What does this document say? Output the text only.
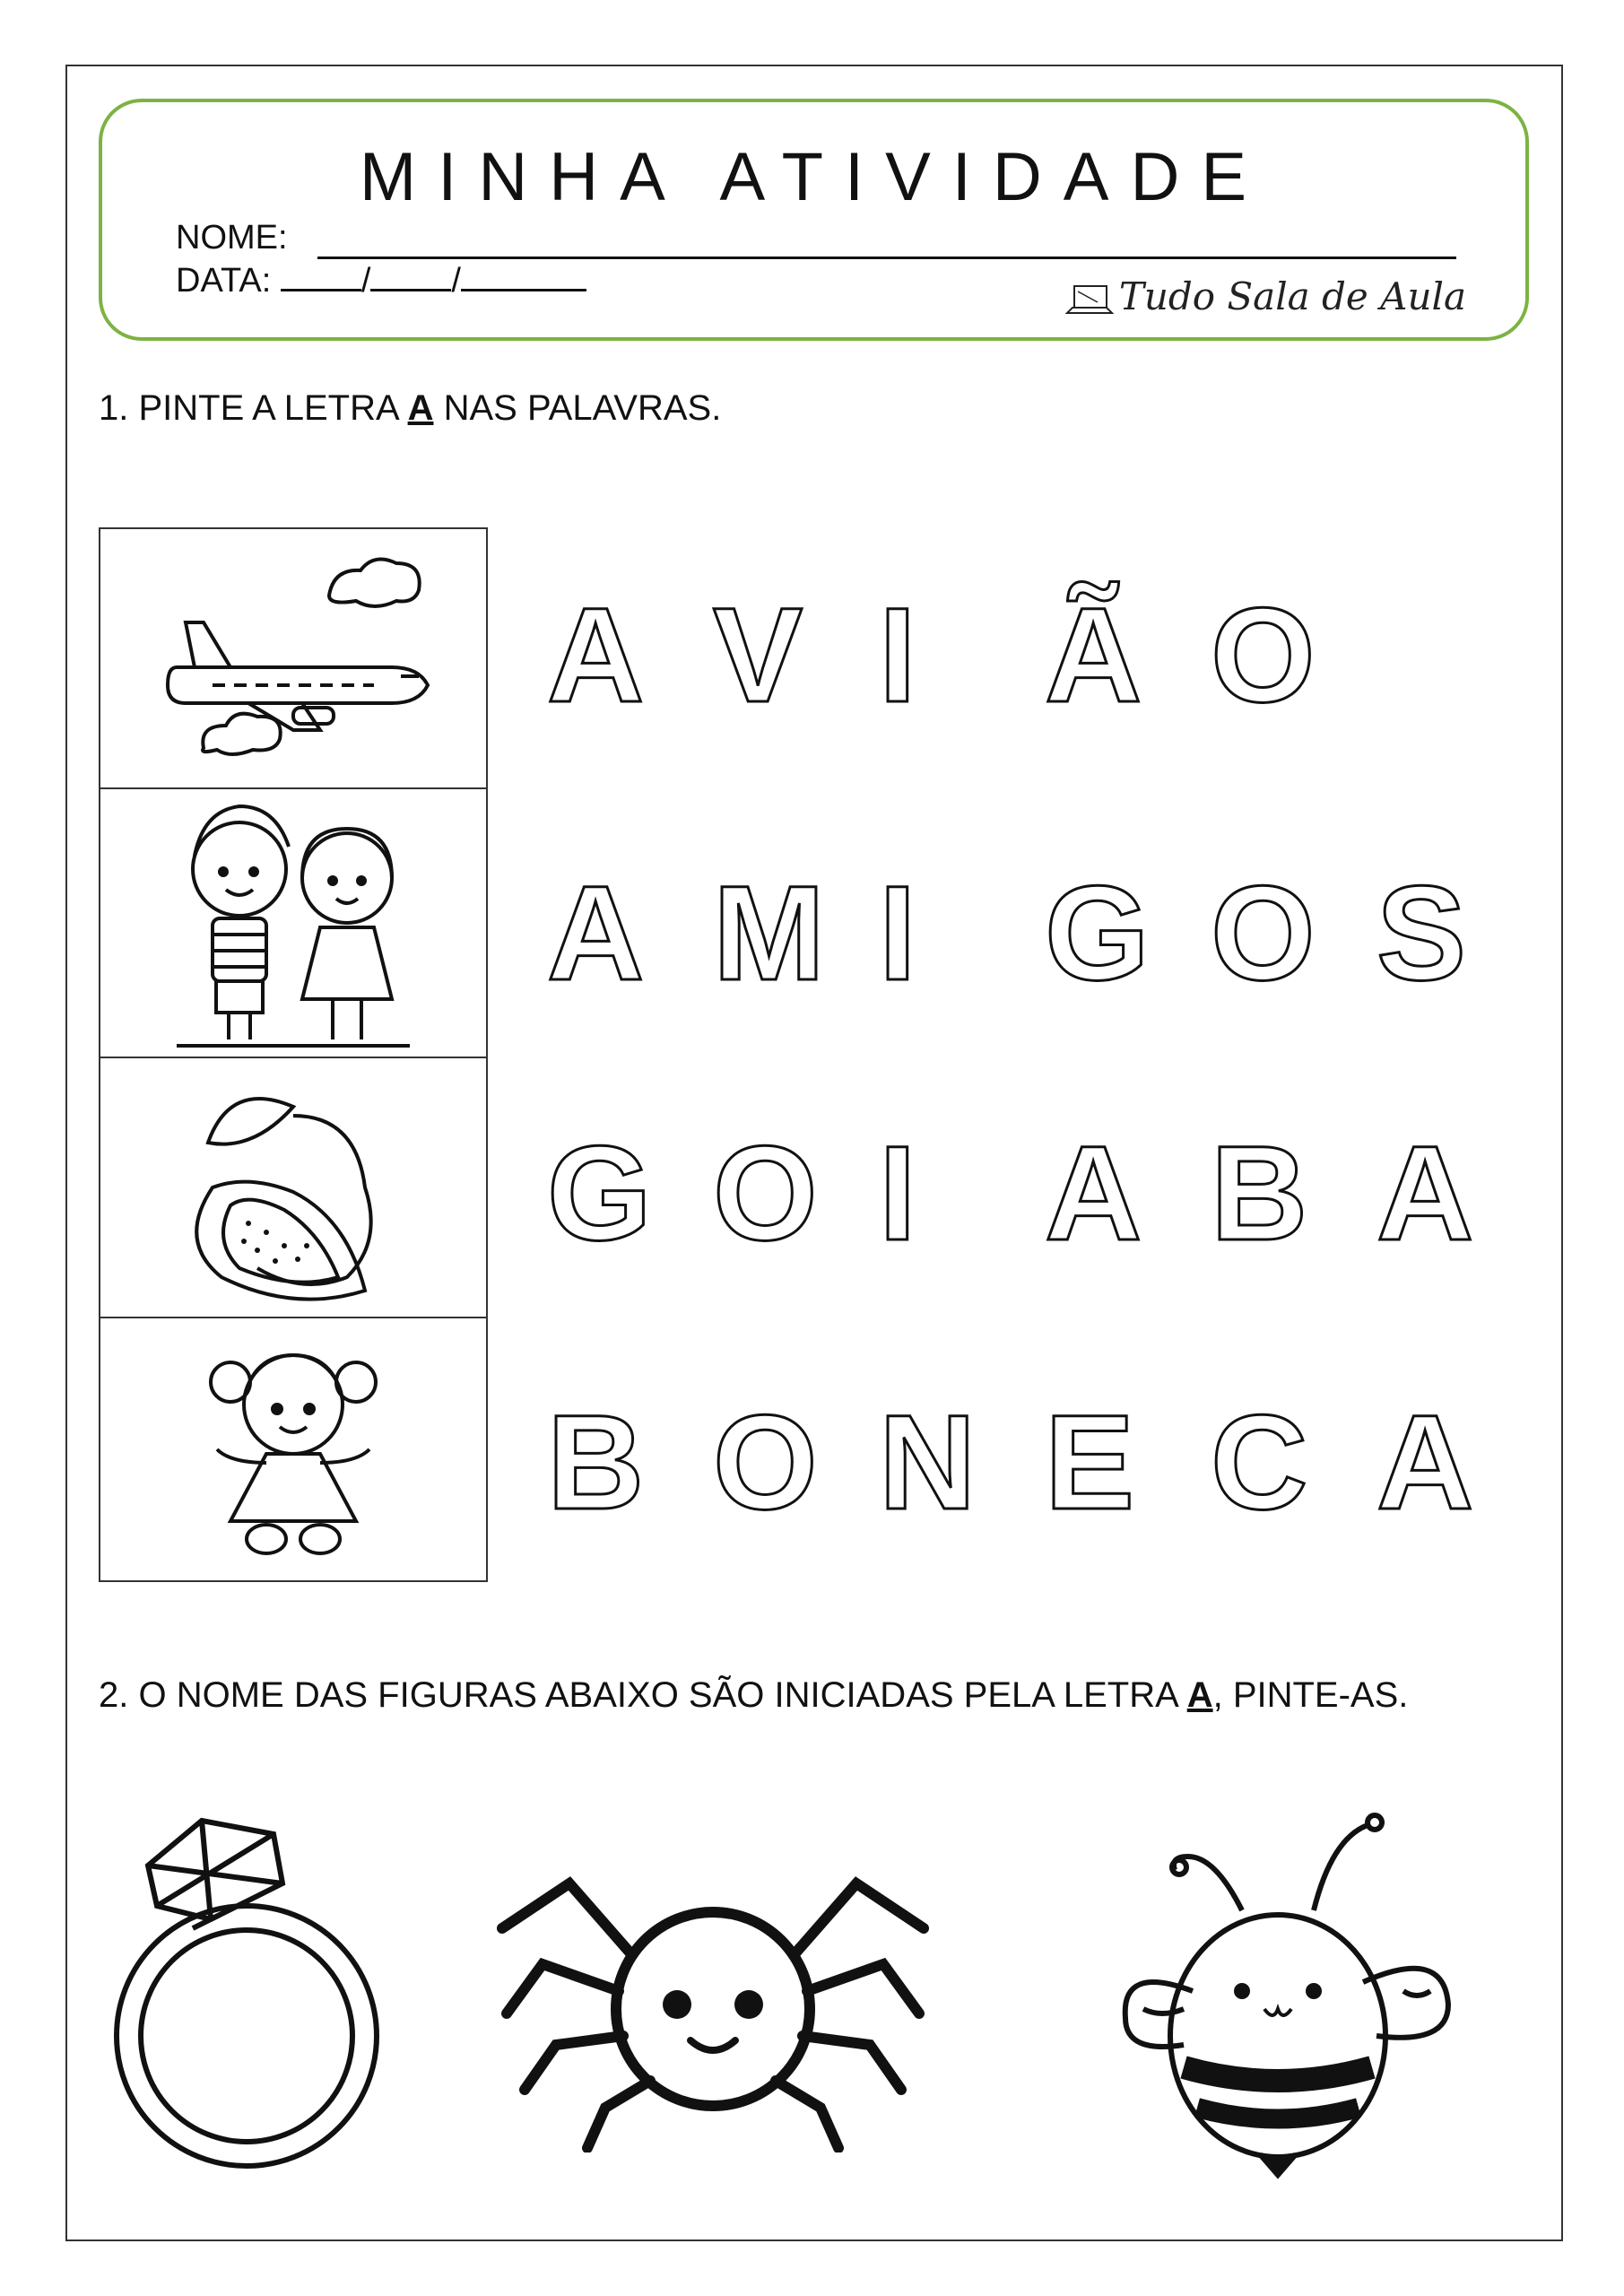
MINHA ATIVIDADE
NOME:
DATA:	/ /	Tudo Sala de Aula
1. PINTE A LETRA A NAS PALAVRAS.
A V I Ã O
A M I G O S
G O I A B A
B O N E C A
2. O NOME DAS FIGURAS ABAIXO SÃO INICIADAS PELA LETRA A, PINTE-AS.
